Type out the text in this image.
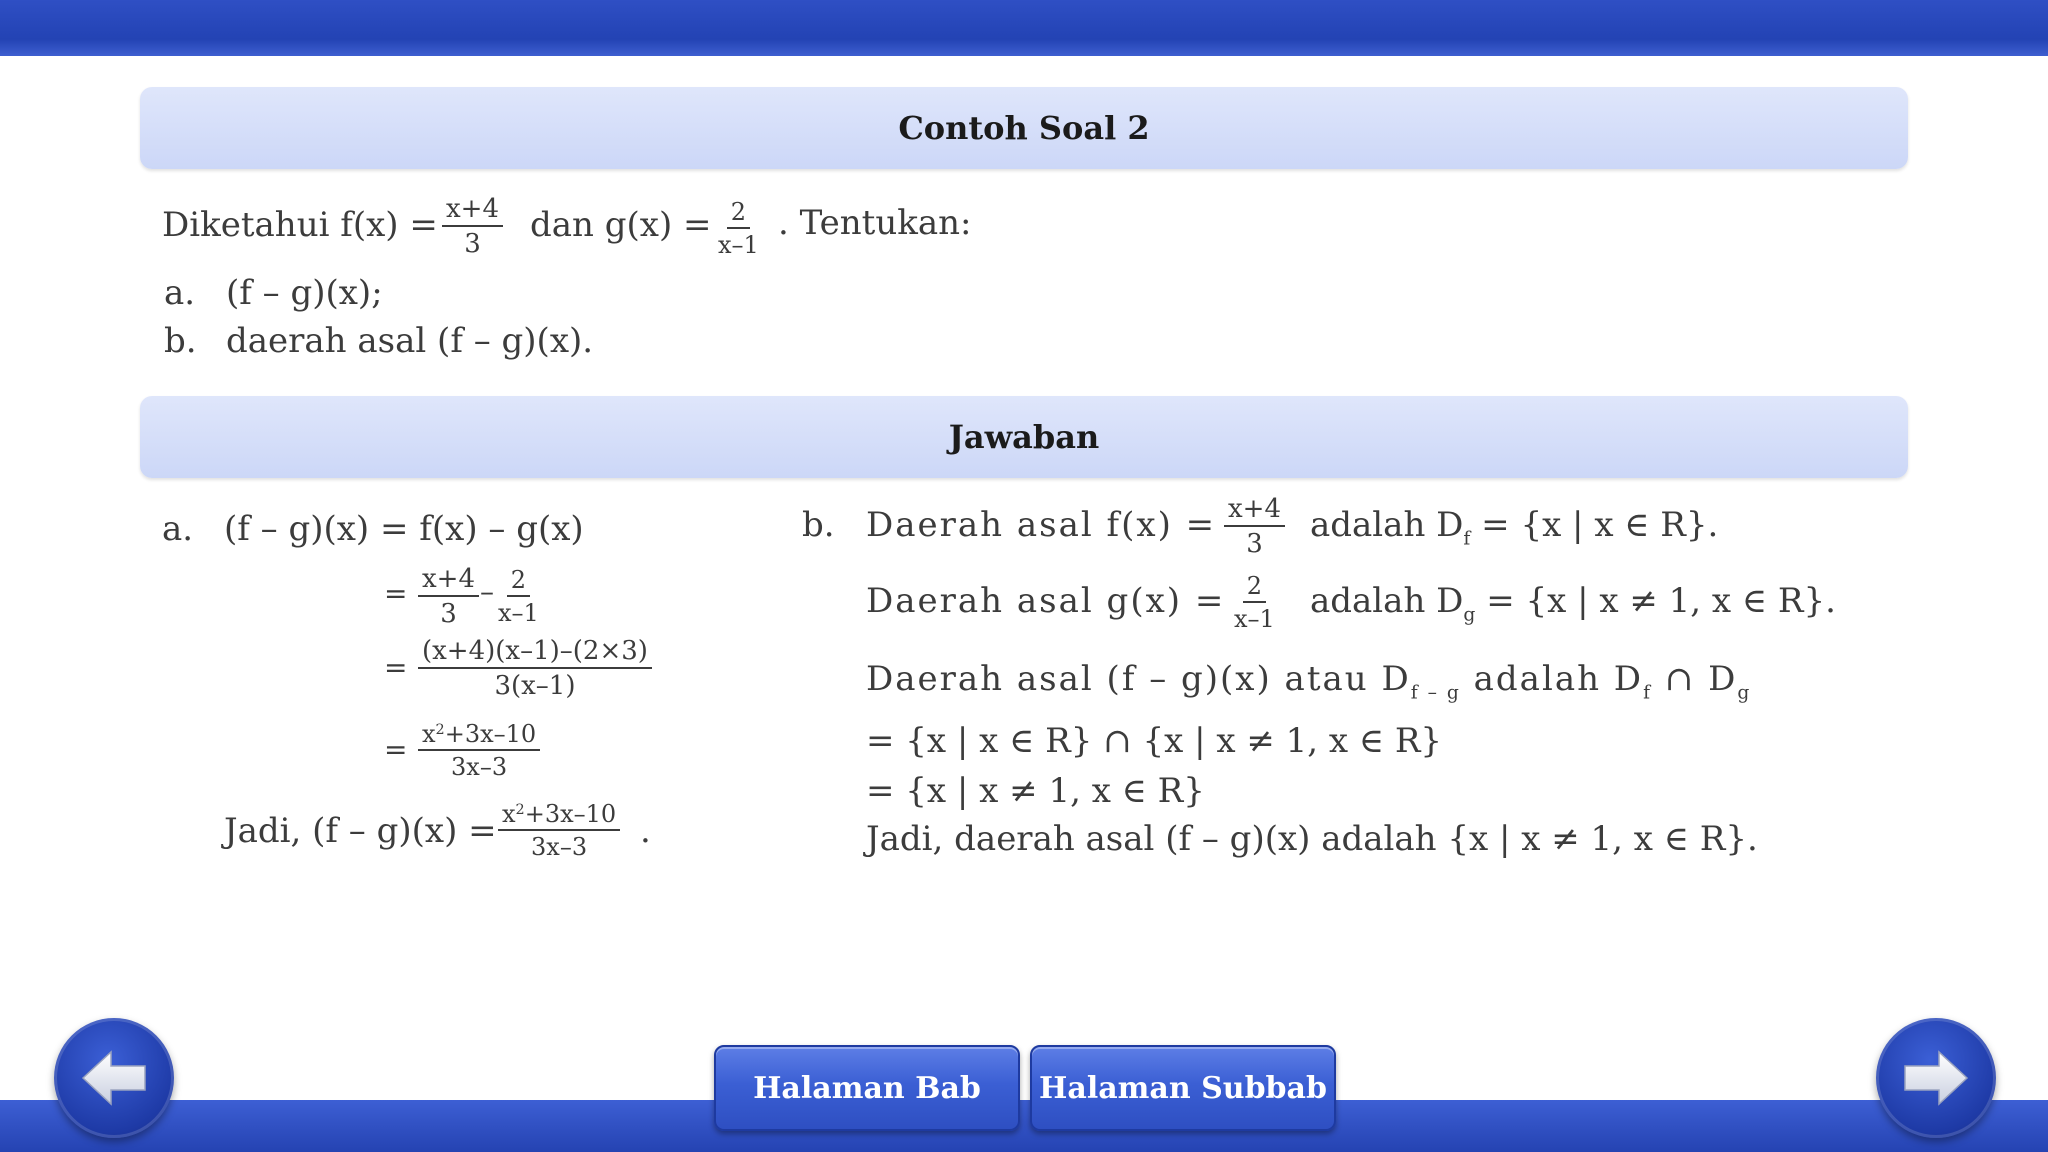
Contoh Soal 2
Diketahui $f(x) = \frac{x+4}{3}$ dan $g(x) = \frac{2}{x-1}$ . Tentukan:
a. (f – g)(x);
b. daerah asal (f – g)(x).
Jawaban
a. (f – g)(x) = f(x) – g(x)
= $\frac{x+4}{3} - \frac{2}{x-1}$
= $\frac{(x+4)(x-1)-(2\times 3)}{3(x-1)}$
= $\frac{x^2+3x-10}{3x-3}$
Jadi, $(f - g)(x) = \frac{x^2+3x-10}{3x-3}$ .
b. Daerah asal $f(x) = \frac{x+4}{3}$ adalah $D_f = \{x$ | x ∈ R}.
Daerah asal $g(x) = \frac{2}{x-1}$ adalah $D_g = \{x$ | x ≠ 1, x ∈ R}.
Daerah asal (f – g)(x) atau $D_{f - g}$ adalah $D_f$ ∩ $D_g$
= {x | x ∈ R} ∩ {x | x ≠ 1, x ∈ R}
= {x | x ≠ 1, x ∈ R}
Jadi, daerah asal (f – g)(x) adalah {x | x ≠ 1, x ∈ R}.
Halaman Bab Halaman Subbab
